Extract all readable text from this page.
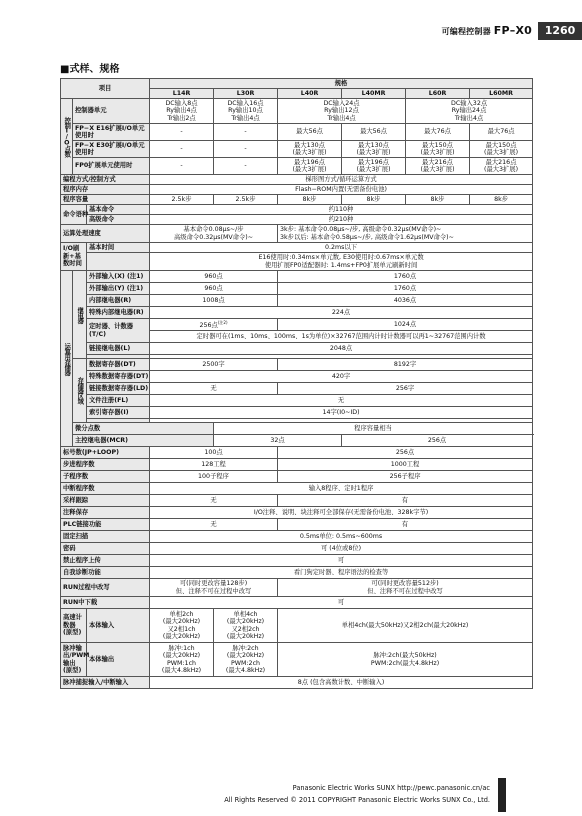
可编程控制器 FP–X0	1260
■式样、规格
项目			规格					
			L14R	L30R	L40R	L40MR	L60R	L60MR
控制I/O点数	控制器单元		DC输入8点
Ry输出4点
Tr输出2点	DC输入16点
Ry输出10点
Tr输出4点	DC输入24点
Ry输出12点
Tr输出4点		DC输入32点
Ry输出24点
Tr输出4点	
	FP−X E16扩展I/O单元使用时		-	-	最大56点	最大56点	最大76点	最大76点
	FP−X E30扩展I/O单元使用时		-	-	最大130点
(最大3扩展)	最大130点
(最大3扩展)	最大150点
(最大3扩展)	最大150点
(最大3扩展)
	FP0扩展单元使用时		-	-	最大196点
(最大3扩展)	最大196点
(最大3扩展)	最大216点
(最大3扩展)	最大216点
(最大3扩展)
编程方式/控制方式			梯形图方式/循环运算方式					
程序内存			Flash−ROM内置(无需备份电池)					
程序容量			2.5k步	2.5k步	8k步	8k步	8k步	8k步
命令语种		基本命令	约110种					
		高级命令	约210种					
运算处理速度			基本命令0.08μs~/步
高级命令0.32μs(MV命令)~		3k步: 基本命令0.08μs~/步, 高级命令0.32μs(MV命令)~
3k步以后: 基本命令0.58μs~/步, 高级命令1.62μs(MV命令)~			
I/O刷新+基数时间		基本时间	0.2ms以下					
			E16使用时:0.34ms×单元数, E30使用时:0.67ms×单元数
使用扩展FP0适配器时: 1.4ms+FP0扩展单元刷新时间					
运算用存储器	继电器	外部输入(X) (注1)	960点		1760点			
		外部输出(Y) (注1)	960点		1760点			
		内部继电器(R)	1008点		4036点			
		特殊内部继电器(R)	224点					
		定时器、计数器(T/C)	256点$^{(注2)}$		1024点			
			定时器可在(1ms、10ms、100ms、1s为单位)×32767范围内计时计数器可以再1~32767范围内计数					
		链接继电器(L)	2048点					

	存储器区域	数据寄存器(DT)	2500字		8192字			
		特殊数据寄存器(DT)	420字					
		链接数据寄存器(LD)	无		256字			
		文件注册(FL)	无					
		索引寄存器(I)	14字(I0~ID)					

	微分点数			程序容量相当				
	主控继电器(MCR)			32点		256点		
标号数(JP+LOOP)			100点		256点			
步进程序数			128工程		1000工程			
子程序数			100子程序		256子程序			
中断程序数			输入8程序、定时1程序					
采样跟踪			无		有			
注释保存			I/O注释、说明、块注释可全部保存(无需备份电池、328k字节)					
PLC链接功能			无		有			
固定扫描			0.5ms单位: 0.5ms~600ms					
密码			可 (4位或8位)					
禁止程序上传			可					
自我诊断功能			看门狗定时器、程序语法的检查等					
RUN过程中改写			可(同时更改容量128步)
但、注释不可在过程中改写		可(同时更改容量512步)
但、注释不可在过程中改写			
RUN中下载			可					
高速计数器(原型)		本体输入	单相2ch
(最大20kHz)
又2相1ch
(最大20kHz)	单相4ch
(最大20kHz)
又2相2ch
(最大20kHz)	单相4ch(最大50kHz)又2相2ch(最大20kHz)			
脉冲输出/PWM输出(原型)		本体输出	脉冲:1ch
(最大20kHz)
PWM:1ch
(最大4.8kHz)	脉冲:2ch
(最大20kHz)
PWM:2ch
(最大4.8kHz)	脉冲:2ch(最大50kHz)
PWM:2ch(最大4.8kHz)			
脉冲捕捉输入/中断输入			8点 (包含高数计数、中断输入)					
Panasonic Electric Works SUNX http://pewc.panasonic.cn/ac
All Rights Reserved © 2011 COPYRIGHT Panasonic Electric Works SUNX Co., Ltd.
